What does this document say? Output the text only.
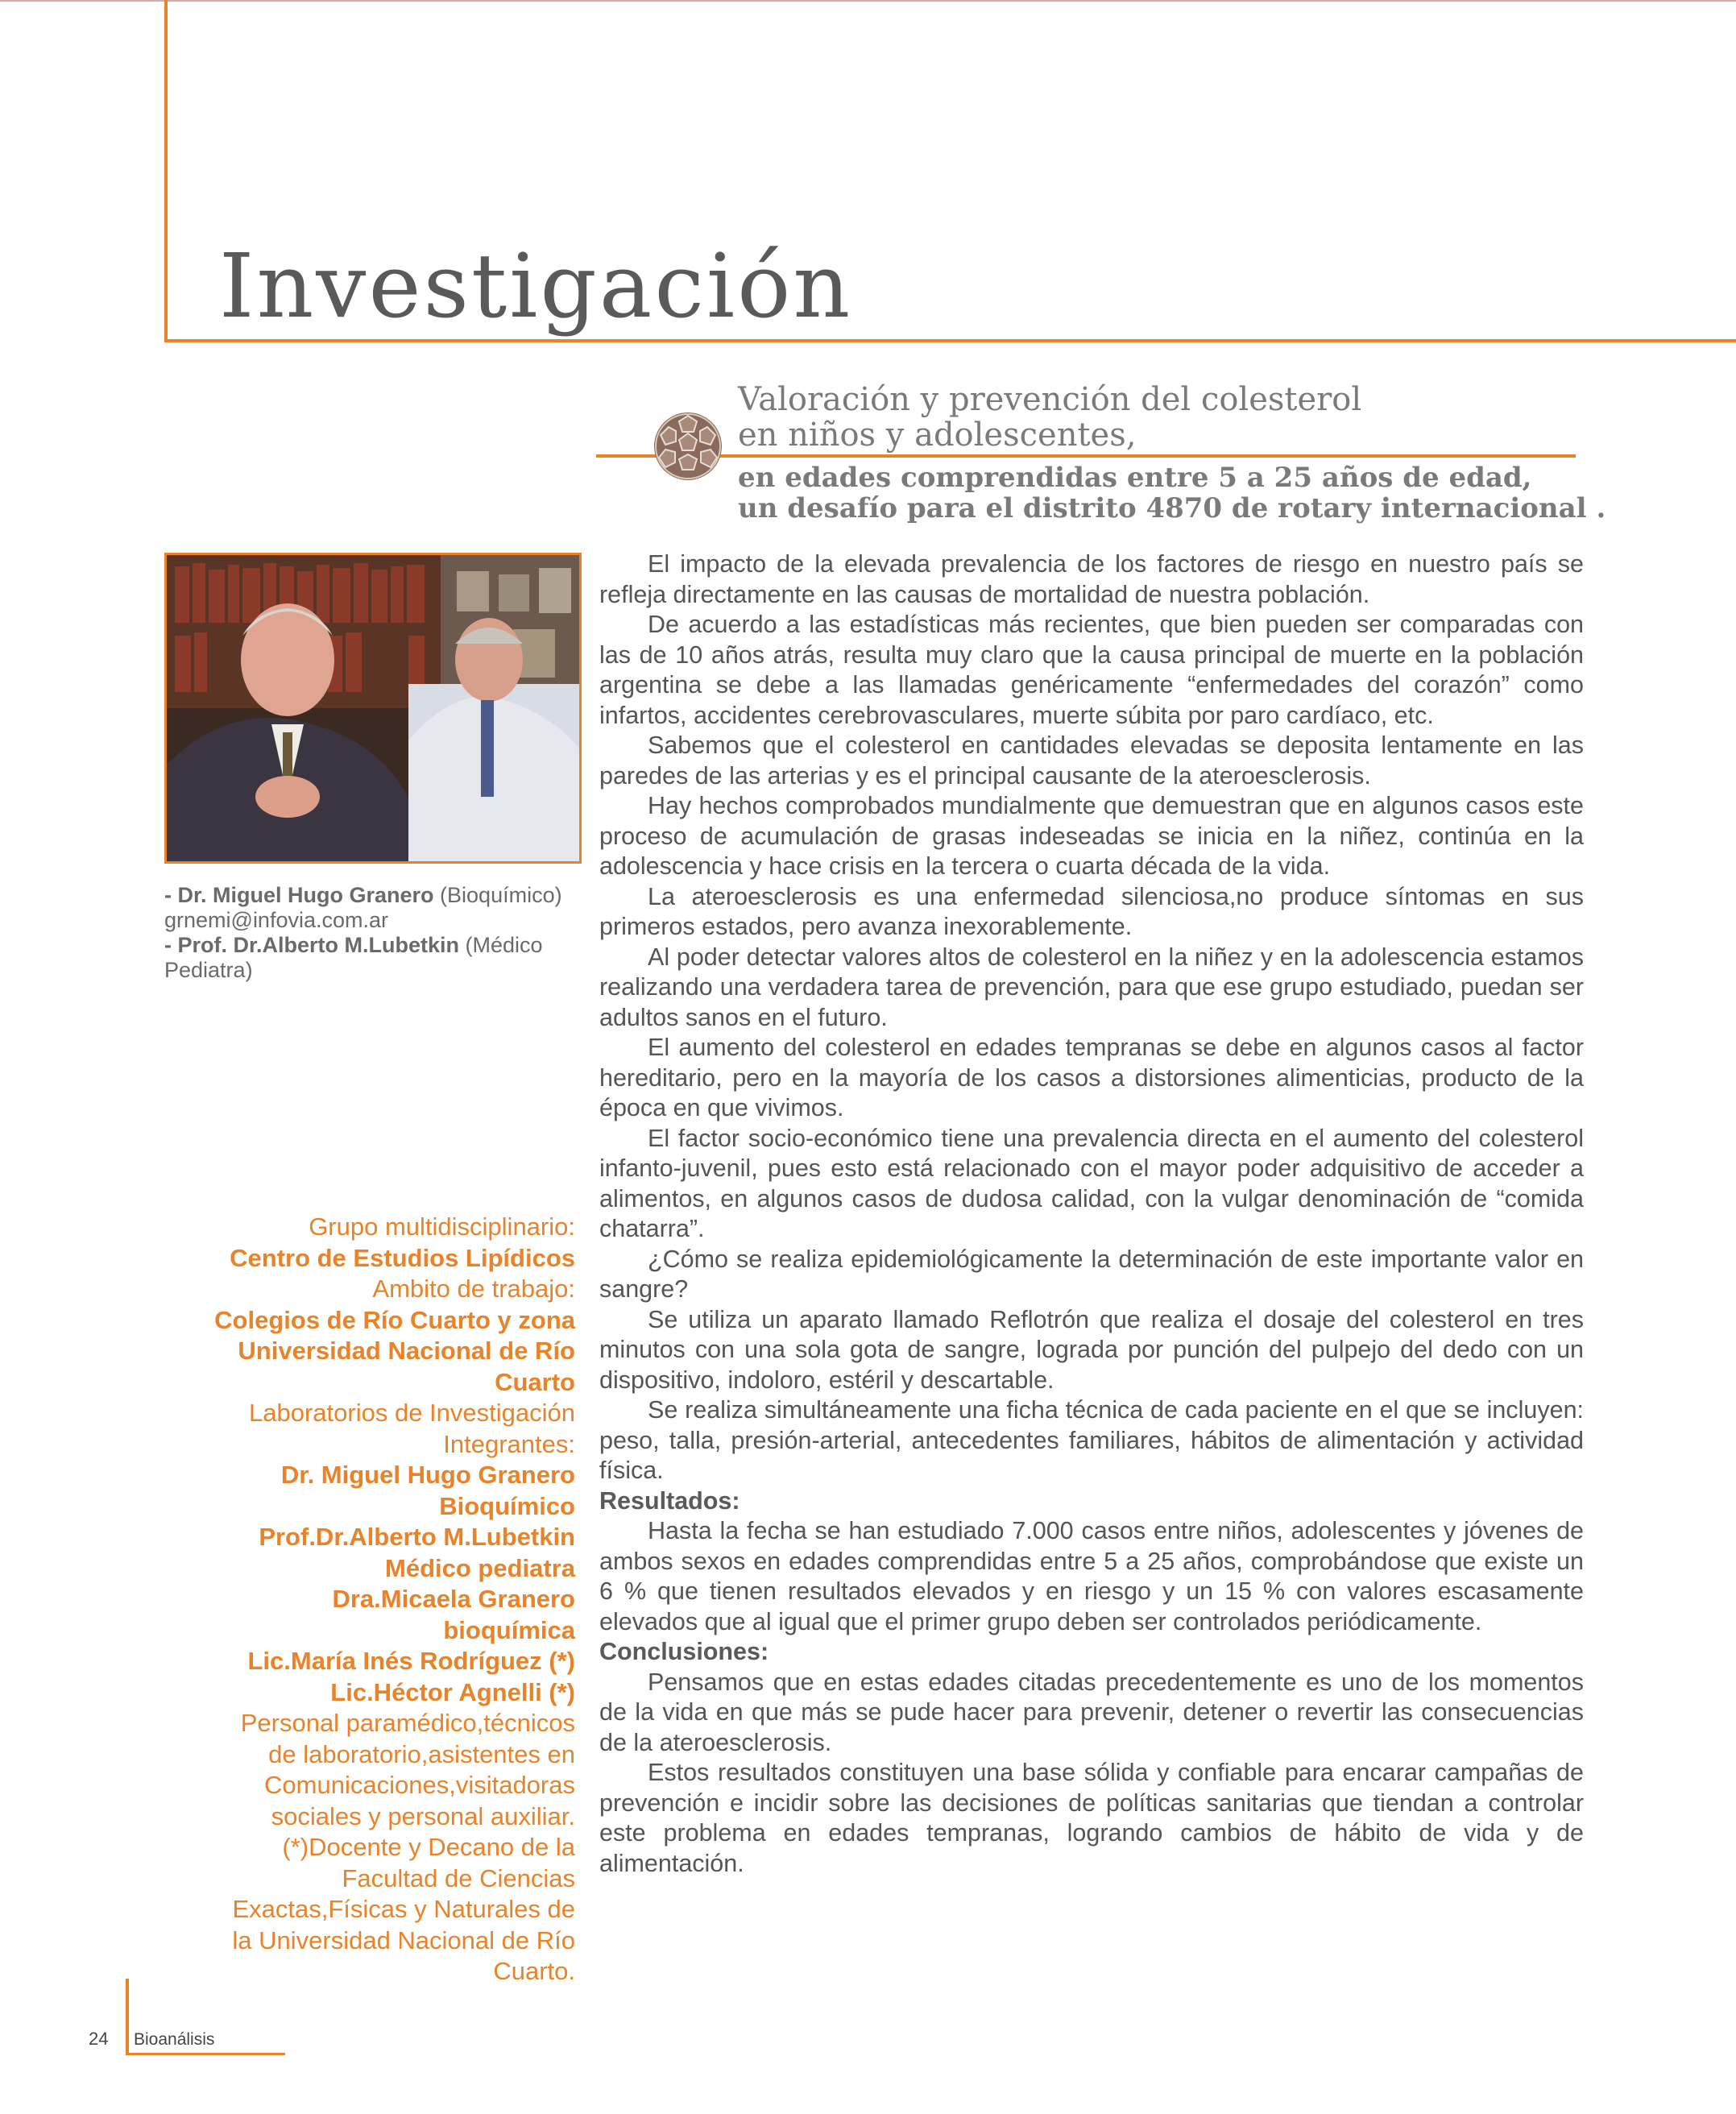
Investigación
Valoración y prevención del colesterol
en niños y adolescentes,
en edades comprendidas entre 5 a 25 años de edad,
un desafío para el distrito 4870 de rotary internacional .
- Dr. Miguel Hugo Granero (Bioquímico)
grnemi@infovia.com.ar
- Prof. Dr.Alberto M.Lubetkin (Médico Pediatra)
Grupo multidisciplinario:
Centro de Estudios Lipídicos
Ambito de trabajo:
Colegios de Río Cuarto y zona
Universidad Nacional de Río
Cuarto
Laboratorios de Investigación
Integrantes:
Dr. Miguel Hugo Granero
Bioquímico
Prof.Dr.Alberto M.Lubetkin
Médico pediatra
Dra.Micaela Granero
bioquímica
Lic.María Inés Rodríguez (*)
Lic.Héctor Agnelli (*)
Personal paramédico,técnicos
de laboratorio,asistentes en
Comunicaciones,visitadoras
sociales y personal auxiliar.
(*)Docente y Decano de la
Facultad de Ciencias
Exactas,Físicas y Naturales de
la Universidad Nacional de Río
Cuarto.

El impacto de la elevada prevalencia de los factores de riesgo en nuestro país se refleja directamente en las causas de mortalidad de nuestra población.

De acuerdo a las estadísticas más recientes, que bien pueden ser comparadas con las de 10 años atrás, resulta muy claro que la causa principal de muerte en la población argentina se debe a las llamadas genéricamente “enfermedades del corazón” como infartos, accidentes cerebrovasculares, muerte súbita por paro cardíaco, etc.

Sabemos que el colesterol en cantidades elevadas se deposita lentamente en las paredes de las arterias y es el principal causante de la ateroesclerosis.

Hay hechos comprobados mundialmente que demuestran que en algunos casos este proceso de acumulación de grasas indeseadas se inicia en la niñez, continúa en la adolescencia y hace crisis en la tercera o cuarta década de la vida.

La ateroesclerosis es una enfermedad silenciosa,no produce síntomas en sus primeros estados, pero avanza inexorablemente.

Al poder detectar valores altos de colesterol en la niñez y en la adolescencia estamos realizando una verdadera tarea de prevención, para que ese grupo estudiado, puedan ser adultos sanos en el futuro.

El aumento del colesterol en edades tempranas se debe en algunos casos al factor hereditario, pero en la mayoría de los casos a distorsiones alimenticias, producto de la época en que vivimos.

El factor socio-económico tiene una prevalencia directa en el aumento del colesterol infanto-juvenil, pues esto está relacionado con el mayor poder adquisitivo de acceder a alimentos, en algunos casos de dudosa calidad, con la vulgar denominación de “comida chatarra”.

¿Cómo se realiza epidemiológicamente la determinación de este importante valor en sangre?

Se utiliza un aparato llamado Reflotrón que realiza el dosaje del colesterol en tres minutos con una sola gota de sangre, lograda por punción del pulpejo del dedo con un dispositivo, indoloro, estéril y descartable.

Se realiza simultáneamente una ficha técnica de cada paciente en el que se incluyen: peso, talla, presión-arterial, antecedentes familiares, hábitos de alimentación y actividad física.

Resultados:

Hasta la fecha se han estudiado 7.000 casos entre niños, adolescentes y jóvenes de ambos sexos en edades comprendidas entre 5 a 25 años, comprobándose que existe un 6 % que tienen resultados elevados y en riesgo y un 15 % con valores escasamente elevados que al igual que el primer grupo deben ser controlados periódicamente.

Conclusiones:

Pensamos que en estas edades citadas precedentemente es uno de los momentos de la vida en que más se pude hacer para prevenir, detener o revertir las consecuencias de la ateroesclerosis.

Estos resultados constituyen una base sólida y confiable para encarar campañas de prevención e incidir sobre las decisiones de políticas sanitarias que tiendan a controlar este problema en edades tempranas, logrando cambios de hábito de vida y de alimentación.

24 Bioanálisis
